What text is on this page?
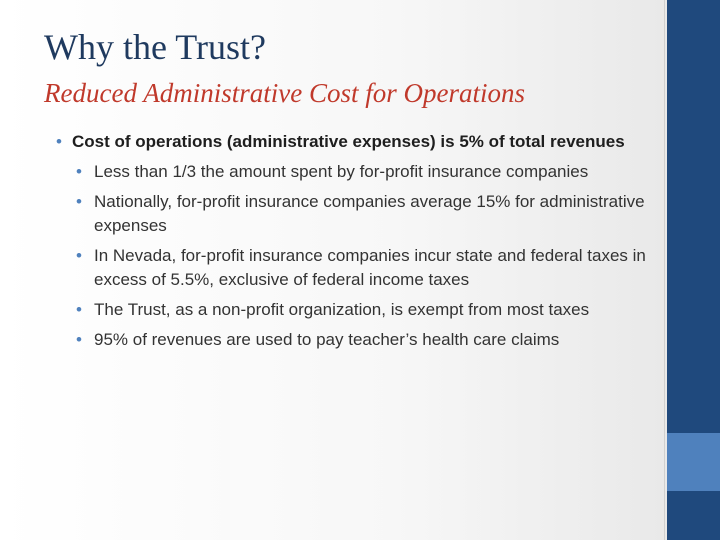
Why the Trust?
Reduced Administrative Cost for Operations
• Cost of operations (administrative expenses) is 5% of total revenues
• Less than 1/3 the amount spent by for-profit insurance companies
• Nationally, for-profit insurance companies average 15% for administrative expenses
• In Nevada, for-profit insurance companies incur state and federal taxes in excess of 5.5%, exclusive of federal income taxes
• The Trust, as a non-profit organization, is exempt from most taxes
• 95% of revenues are used to pay teacher’s health care claims
